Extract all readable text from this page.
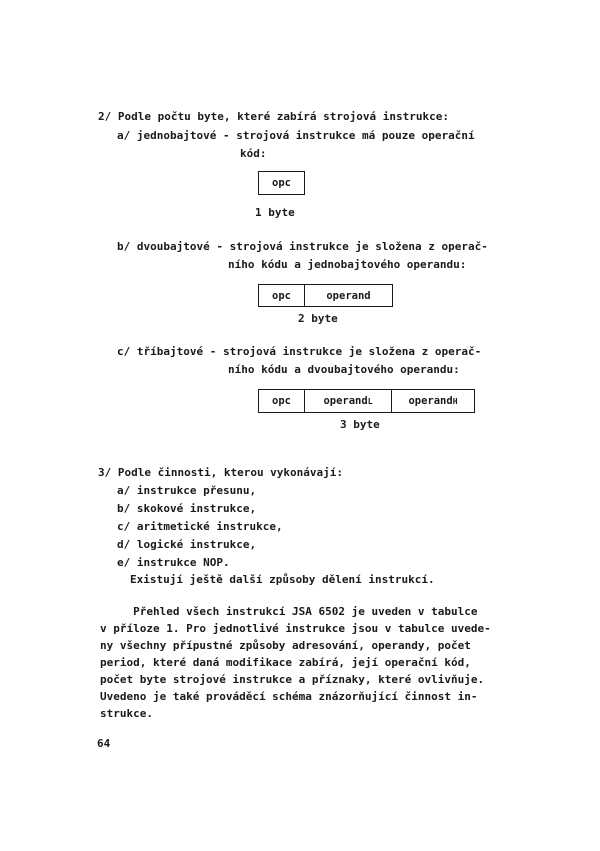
2/ Podle počtu byte, které zabírá strojová instrukce:
a/ jednobajtové - strojová instrukce má pouze operační
kód:
opc
1 byte
b/ dvoubajtové - strojová instrukce je složena z operač-
ního kódu a jednobajtového operandu:
opc	operand
2 byte
c/ tříbajtové - strojová instrukce je složena z operač-
ního kódu a dvoubajtového operandu:
opc	operand L	operand H
3 byte
3/ Podle činnosti, kterou vykonávají:
a/ instrukce přesunu,
b/ skokové instrukce,
c/ aritmetické instrukce,
d/ logické instrukce,
e/ instrukce NOP.
Existují ještě další způsoby dělení instrukcí.
Přehled všech instrukcí JSA 6502 je uveden v tabulce
v příloze 1. Pro jednotlivé instrukce jsou v tabulce uvede-
ny všechny přípustné způsoby adresování, operandy, počet
period, které daná modifikace zabírá, její operační kód,
počet byte strojové instrukce a příznaky, které ovlivňuje.
Uvedeno je také prováděcí schéma znázorňující činnost in-
strukce.
64
